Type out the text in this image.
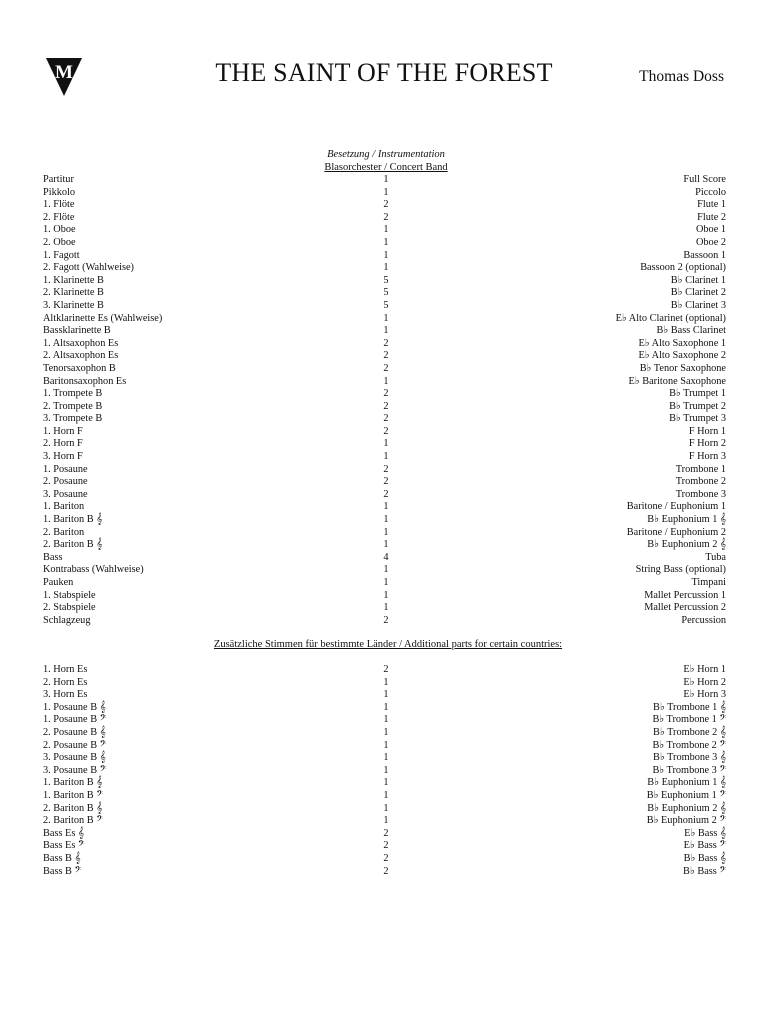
M	THE SAINT OF THE FOREST	Thomas Doss
Besetzung / Instrumentation
Blasorchester / Concert Band
Partitur	1	Full Score
Pikkolo	1	Piccolo
1. Flöte	2	Flute 1
2. Flöte	2	Flute 2
1. Oboe	1	Oboe 1
2. Oboe	1	Oboe 2
1. Fagott	1	Bassoon 1
2. Fagott (Wahlweise)	1	Bassoon 2 (optional)
1. Klarinette B	5	B♭ Clarinet 1
2. Klarinette B	5	B♭ Clarinet 2
3. Klarinette B	5	B♭ Clarinet 3
Altklarinette Es (Wahlweise)	1	E♭ Alto Clarinet (optional)
Bassklarinette B	1	B♭ Bass Clarinet
1. Altsaxophon Es	2	E♭ Alto Saxophone 1
2. Altsaxophon Es	2	E♭ Alto Saxophone 2
Tenorsaxophon B	2	B♭ Tenor Saxophone
Baritonsaxophon Es	1	E♭ Baritone Saxophone
1. Trompete B	2	B♭ Trumpet 1
2. Trompete B	2	B♭ Trumpet 2
3. Trompete B	2	B♭ Trumpet 3
1. Horn F	2	F Horn 1
2. Horn F	1	F Horn 2
3. Horn F	1	F Horn 3
1. Posaune	2	Trombone 1
2. Posaune	2	Trombone 2
3. Posaune	2	Trombone 3
1. Bariton	1	Baritone / Euphonium 1
1. Bariton B 𝄞	1	B♭ Euphonium 1 𝄞
2. Bariton	1	Baritone / Euphonium 2
2. Bariton B 𝄞	1	B♭ Euphonium 2 𝄞
Bass	4	Tuba
Kontrabass (Wahlweise)	1	String Bass (optional)
Pauken	1	Timpani
1. Stabspiele	1	Mallet Percussion 1
2. Stabspiele	1	Mallet Percussion 2
Schlagzeug	2	Percussion
Zusätzliche Stimmen für bestimmte Länder / Additional parts for certain countries:
1. Horn Es	2	E♭ Horn 1
2. Horn Es	1	E♭ Horn 2
3. Horn Es	1	E♭ Horn 3
1. Posaune B 𝄞	1	B♭ Trombone 1 𝄞
1. Posaune B 𝄢	1	B♭ Trombone 1 𝄢
2. Posaune B 𝄞	1	B♭ Trombone 2 𝄞
2. Posaune B 𝄢	1	B♭ Trombone 2 𝄢
3. Posaune B 𝄞	1	B♭ Trombone 3 𝄞
3. Posaune B 𝄢	1	B♭ Trombone 3 𝄢
1. Bariton B 𝄞	1	B♭ Euphonium 1 𝄞
1. Bariton B 𝄢	1	B♭ Euphonium 1 𝄢
2. Bariton B 𝄞	1	B♭ Euphonium 2 𝄞
2. Bariton B 𝄢	1	B♭ Euphonium 2 𝄢
Bass Es 𝄞	2	E♭ Bass 𝄞
Bass Es 𝄢	2	E♭ Bass 𝄢
Bass B 𝄞	2	B♭ Bass 𝄞
Bass B 𝄢	2	B♭ Bass 𝄢
